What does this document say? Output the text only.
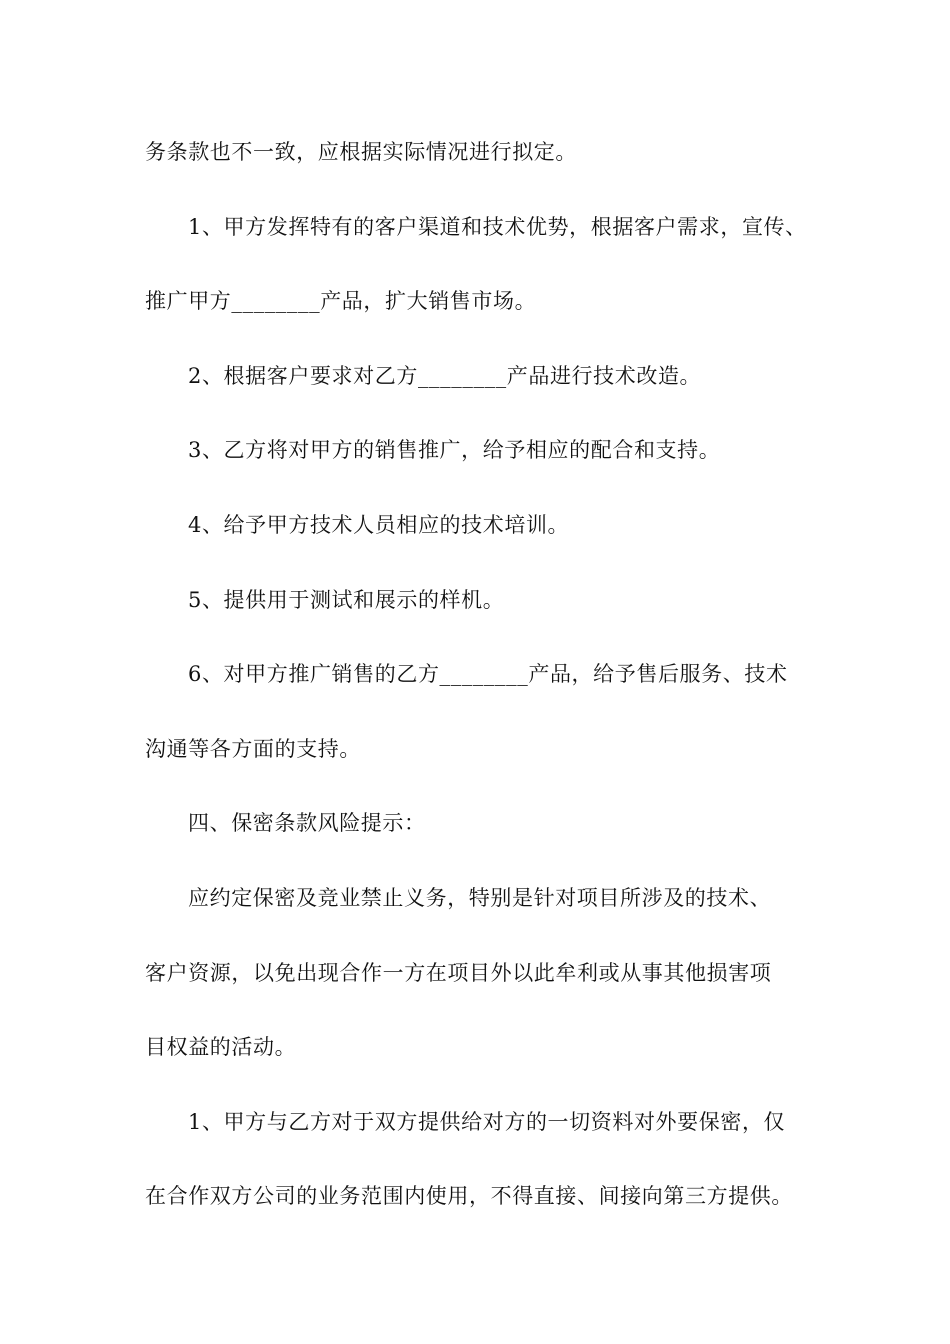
务条款也不一致，应根据实际情况进行拟定。
1、甲方发挥特有的客户渠道和技术优势，根据客户需求，宣传、
推广甲方________产品，扩大销售市场。
2、根据客户要求对乙方________产品进行技术改造。
3、乙方将对甲方的销售推广，给予相应的配合和支持。
4、给予甲方技术人员相应的技术培训。
5、提供用于测试和展示的样机。
6、对甲方推广销售的乙方________产品，给予售后服务、技术
沟通等各方面的支持。
四、保密条款风险提示：
应约定保密及竞业禁止义务，特别是针对项目所涉及的技术、
客户资源，以免出现合作一方在项目外以此牟利或从事其他损害项
目权益的活动。
1、甲方与乙方对于双方提供给对方的一切资料对外要保密，仅
在合作双方公司的业务范围内使用，不得直接、间接向第三方提供。
